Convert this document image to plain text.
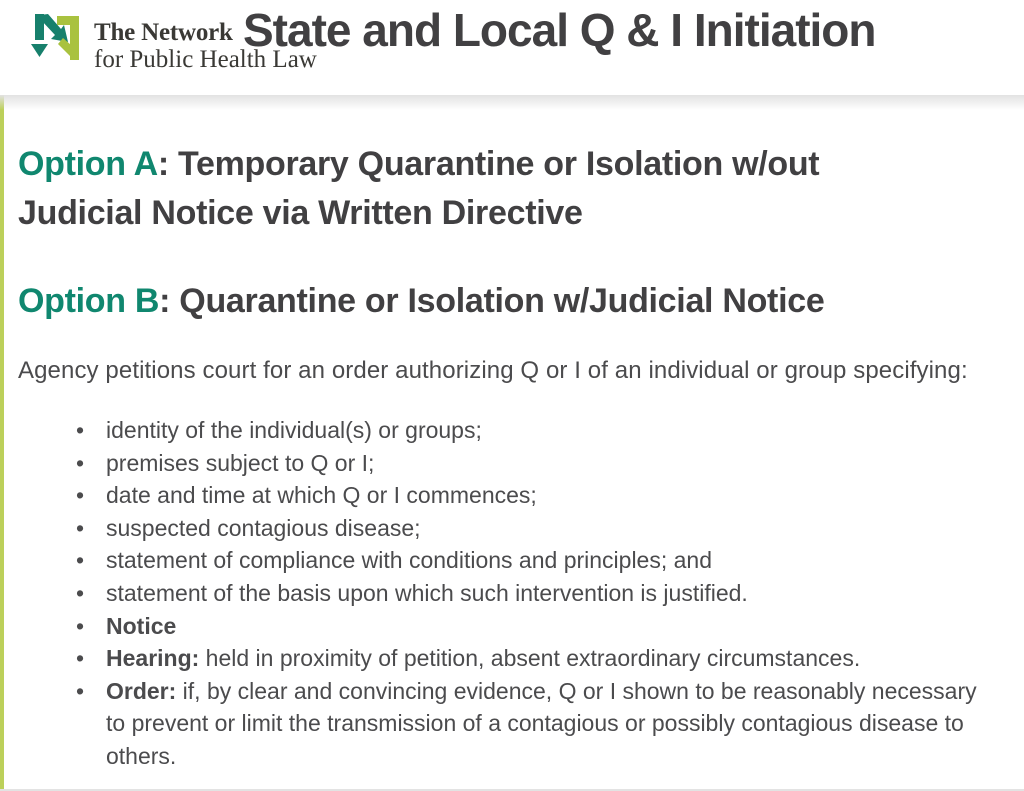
The Network
for Public Health Law
State and Local Q & I Initiation
Option A: Temporary Quarantine or Isolation w/out Judicial Notice via Written Directive
Option B: Quarantine or Isolation w/Judicial Notice

Agency petitions court for an order authorizing Q or I of an individual or group specifying:

• identity of the individual(s) or groups;
• premises subject to Q or I;
• date and time at which Q or I commences;
• suspected contagious disease;
• statement of compliance with conditions and principles; and
• statement of the basis upon which such intervention is justified.
• Notice
• Hearing: held in proximity of petition, absent extraordinary circumstances.
• Order: if, by clear and convincing evidence, Q or I shown to be reasonably necessary to prevent or limit the transmission of a contagious or possibly contagious disease to others.
